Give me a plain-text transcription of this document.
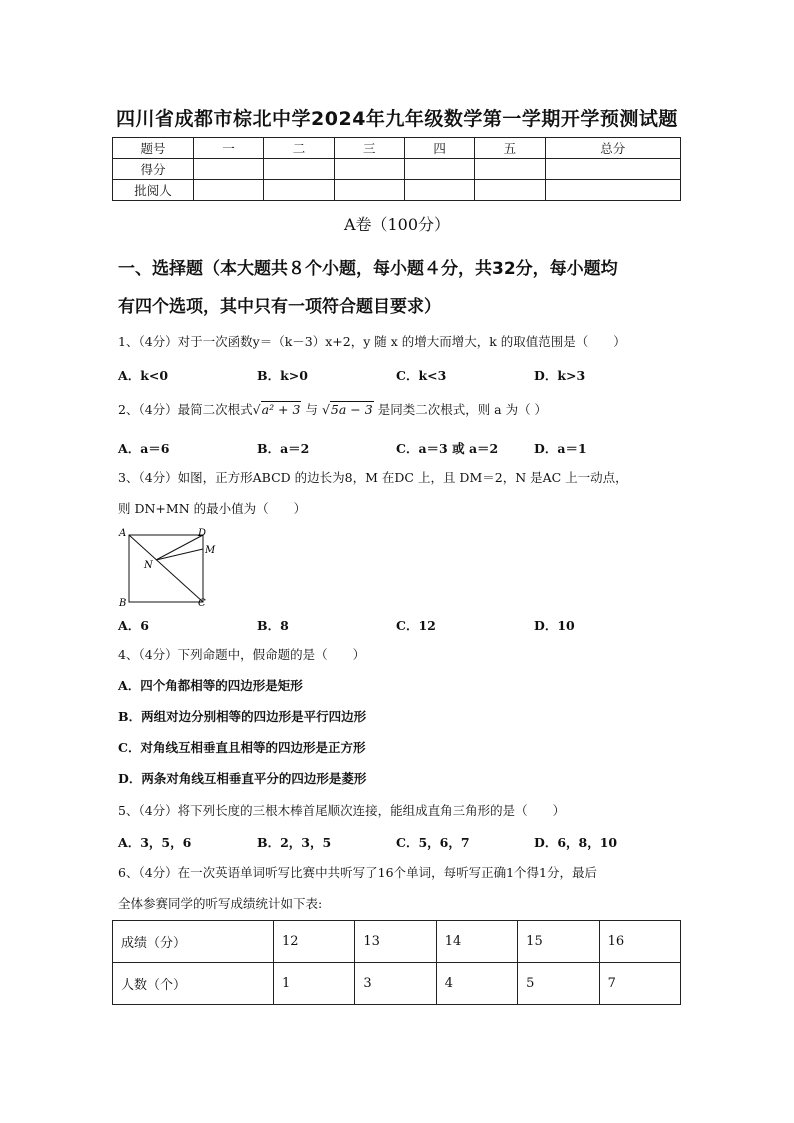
四川省成都市棕北中学2024年九年级数学第一学期开学预测试题
题号	一	二	三	四	五	总分
得分						
批阅人						
A卷（100分）
一、选择题（本大题共８个小题，每小题４分，共32分，每小题均
有四个选项，其中只有一项符合题目要求）
1、（4分）对于一次函数y＝（k－3）x+2，y 随 x 的增大而增大，k 的取值范围是（　　）
A．k<0	B．k>0	C．k<3	D．k>3
2、（4分）最简二次根式√a² + 3 与 √5a − 3 是同类二次根式，则 a 为（ ）
A．a＝6	B．a＝2	C．a＝3 或 a＝2	D．a＝1
3、（4分）如图，正方形ABCD 的边长为8，M 在DC 上，且 DM＝2，N 是AC 上一动点，
则 DN+MN 的最小值为（　　）
A
B	C
D
M
N
A．6	B．8	C．12	D．10
4、（4分）下列命题中，假命题的是（　　）
A．四个角都相等的四边形是矩形
B．两组对边分别相等的四边形是平行四边形
C．对角线互相垂直且相等的四边形是正方形
D．两条对角线互相垂直平分的四边形是菱形
5、（4分）将下列长度的三根木棒首尾顺次连接，能组成直角三角形的是（　　）
A．3，5，6	B．2，3，5	C．5，6，7	D．6，8，10
6、（4分）在一次英语单词听写比赛中共听写了16个单词，每听写正确1个得1分，最后
全体参赛同学的听写成绩统计如下表:
成绩（分）	12	13	14	15	16
人数（个）	1	3	4	5	7
